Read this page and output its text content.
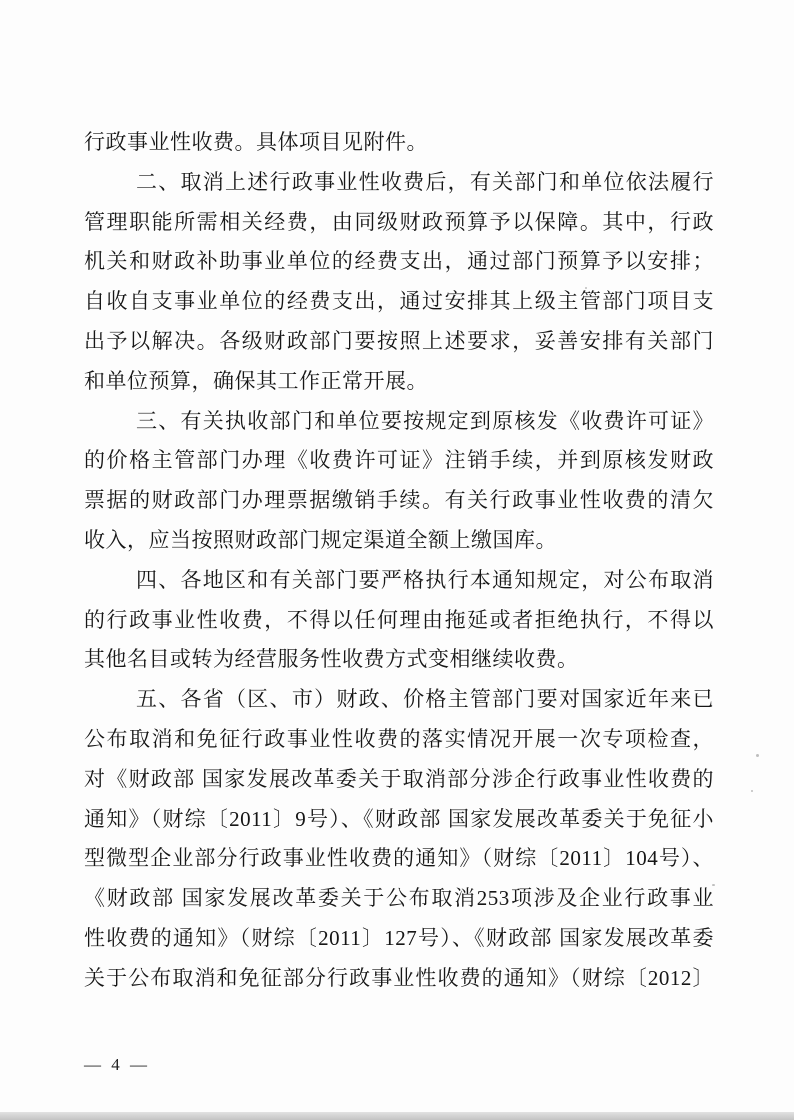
行政事业性收费。具体项目见附件。
二、取消上述行政事业性收费后，有关部门和单位依法履行
管理职能所需相关经费，由同级财政预算予以保障。其中，行政
机关和财政补助事业单位的经费支出，通过部门预算予以安排；
自收自支事业单位的经费支出，通过安排其上级主管部门项目支
出予以解决。各级财政部门要按照上述要求，妥善安排有关部门
和单位预算，确保其工作正常开展。
三、有关执收部门和单位要按规定到原核发《收费许可证》
的价格主管部门办理《收费许可证》注销手续，并到原核发财政
票据的财政部门办理票据缴销手续。有关行政事业性收费的清欠
收入，应当按照财政部门规定渠道全额上缴国库。
四、各地区和有关部门要严格执行本通知规定，对公布取消
的行政事业性收费，不得以任何理由拖延或者拒绝执行，不得以
其他名目或转为经营服务性收费方式变相继续收费。
五、各省（区、市）财政、价格主管部门要对国家近年来已
公布取消和免征行政事业性收费的落实情况开展一次专项检查，
对《财政部 国家发展改革委关于取消部分涉企行政事业性收费的
通知》（财综〔2011〕9号）、《财政部 国家发展改革委关于免征小
型微型企业部分行政事业性收费的通知》（财综〔2011〕104号）、
《财政部 国家发展改革委关于公布取消253项涉及企业行政事业
性收费的通知》（财综〔2011〕127号）、《财政部 国家发展改革委
关于公布取消和免征部分行政事业性收费的通知》（财综〔2012〕
— 4 —
